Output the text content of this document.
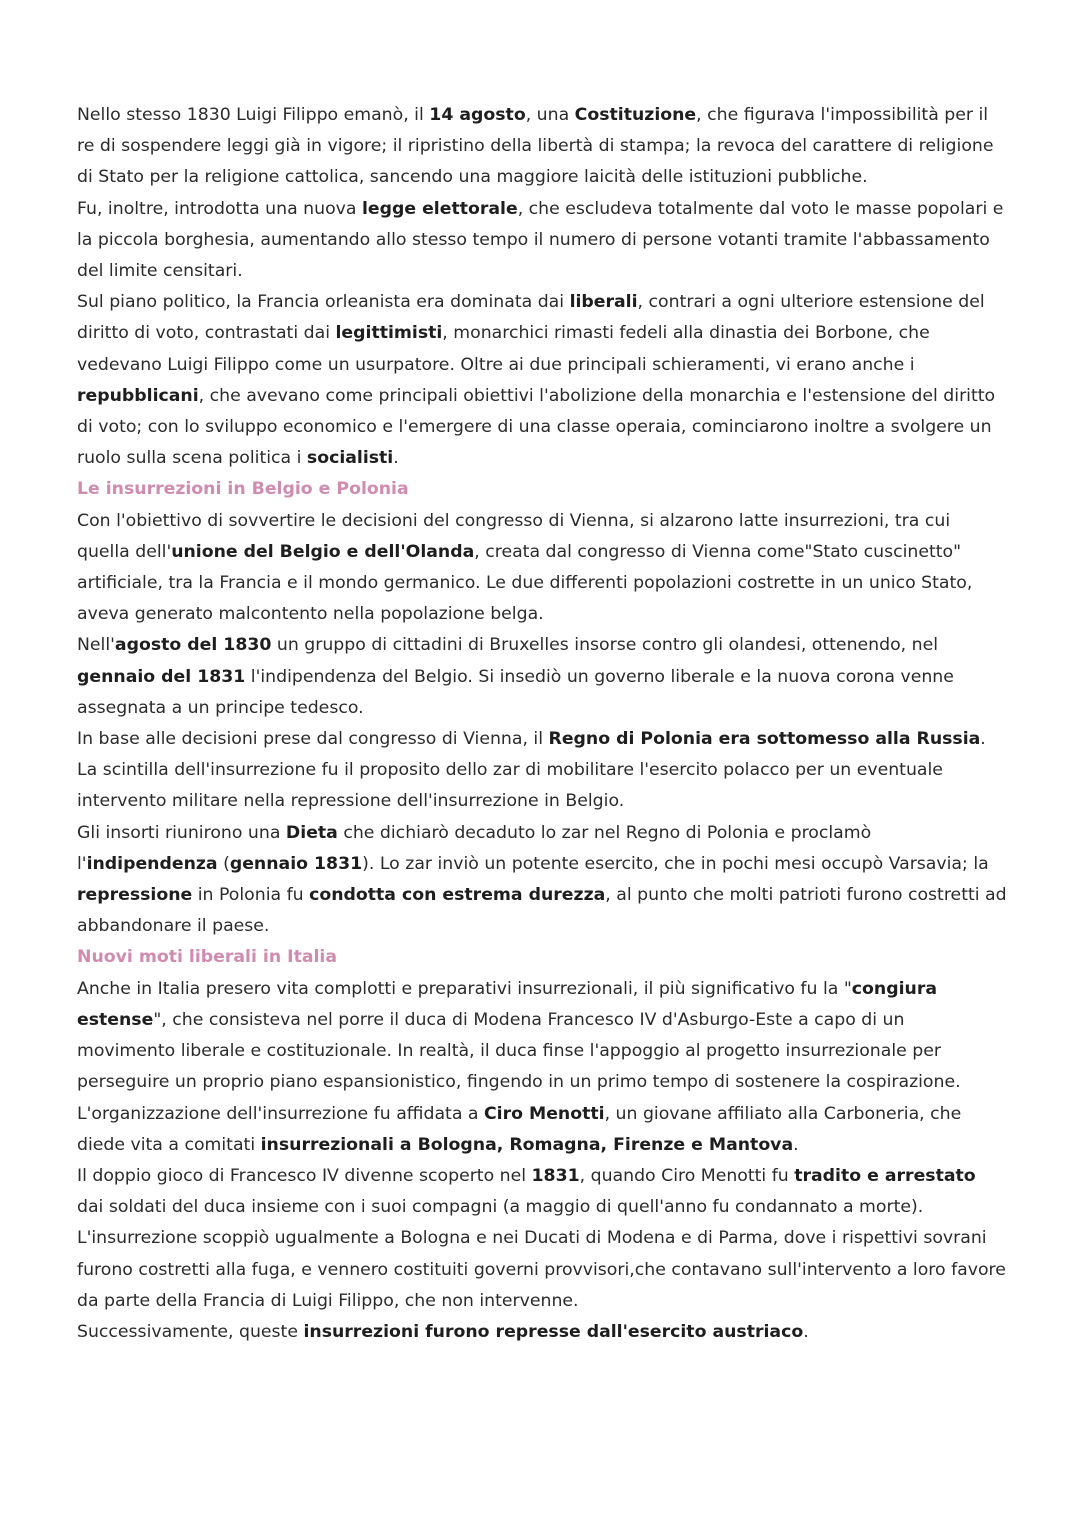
Nello stesso 1830 Luigi Filippo emanò, il 14 agosto, una Costituzione, che figurava l'impossibilità per il re di sospendere leggi già in vigore; il ripristino della libertà di stampa; la revoca del carattere di religione di Stato per la religione cattolica, sancendo una maggiore laicità delle istituzioni pubbliche.

Fu, inoltre, introdotta una nuova legge elettorale, che escludeva totalmente dal voto le masse popolari e la piccola borghesia, aumentando allo stesso tempo il numero di persone votanti tramite l'abbassamento del limite censitari.

Sul piano politico, la Francia orleanista era dominata dai liberali, contrari a ogni ulteriore estensione del diritto di voto, contrastati dai legittimisti, monarchici rimasti fedeli alla dinastia dei Borbone, che vedevano Luigi Filippo come un usurpatore. Oltre ai due principali schieramenti, vi erano anche i repubblicani, che avevano come principali obiettivi l'abolizione della monarchia e l'estensione del diritto di voto; con lo sviluppo economico e l'emergere di una classe operaia, cominciarono inoltre a svolgere un ruolo sulla scena politica i socialisti.

Le insurrezioni in Belgio e Polonia

Con l'obiettivo di sovvertire le decisioni del congresso di Vienna, si alzarono latte insurrezioni, tra cui quella dell'unione del Belgio e dell'Olanda, creata dal congresso di Vienna come"Stato cuscinetto" artificiale, tra la Francia e il mondo germanico. Le due differenti popolazioni costrette in un unico Stato, aveva generato malcontento nella popolazione belga.

Nell'agosto del 1830 un gruppo di cittadini di Bruxelles insorse contro gli olandesi, ottenendo, nel gennaio del 1831 l'indipendenza del Belgio. Si insediò un governo liberale e la nuova corona venne assegnata a un principe tedesco.

In base alle decisioni prese dal congresso di Vienna, il Regno di Polonia era sottomesso alla Russia. La scintilla dell'insurrezione fu il proposito dello zar di mobilitare l'esercito polacco per un eventuale intervento militare nella repressione dell'insurrezione in Belgio.

Gli insorti riunirono una Dieta che dichiarò decaduto lo zar nel Regno di Polonia e proclamò l'indipendenza (gennaio 1831). Lo zar inviò un potente esercito, che in pochi mesi occupò Varsavia; la repressione in Polonia fu condotta con estrema durezza, al punto che molti patrioti furono costretti ad abbandonare il paese.

Nuovi moti liberali in Italia

Anche in Italia presero vita complotti e preparativi insurrezionali, il più significativo fu la "congiura estense", che consisteva nel porre il duca di Modena Francesco IV d'Asburgo-Este a capo di un movimento liberale e costituzionale. In realtà, il duca finse l'appoggio al progetto insurrezionale per perseguire un proprio piano espansionistico, fingendo in un primo tempo di sostenere la cospirazione.

L'organizzazione dell'insurrezione fu affidata a Ciro Menotti, un giovane affiliato alla Carboneria, che diede vita a comitati insurrezionali a Bologna, Romagna, Firenze e Mantova.

Il doppio gioco di Francesco IV divenne scoperto nel 1831, quando Ciro Menotti fu tradito e arrestato dai soldati del duca insieme con i suoi compagni (a maggio di quell'anno fu condannato a morte).

L'insurrezione scoppiò ugualmente a Bologna e nei Ducati di Modena e di Parma, dove i rispettivi sovrani furono costretti alla fuga, e vennero costituiti governi provvisori,che contavano sull'intervento a loro favore da parte della Francia di Luigi Filippo, che non intervenne.

Successivamente, queste insurrezioni furono represse dall'esercito austriaco.
